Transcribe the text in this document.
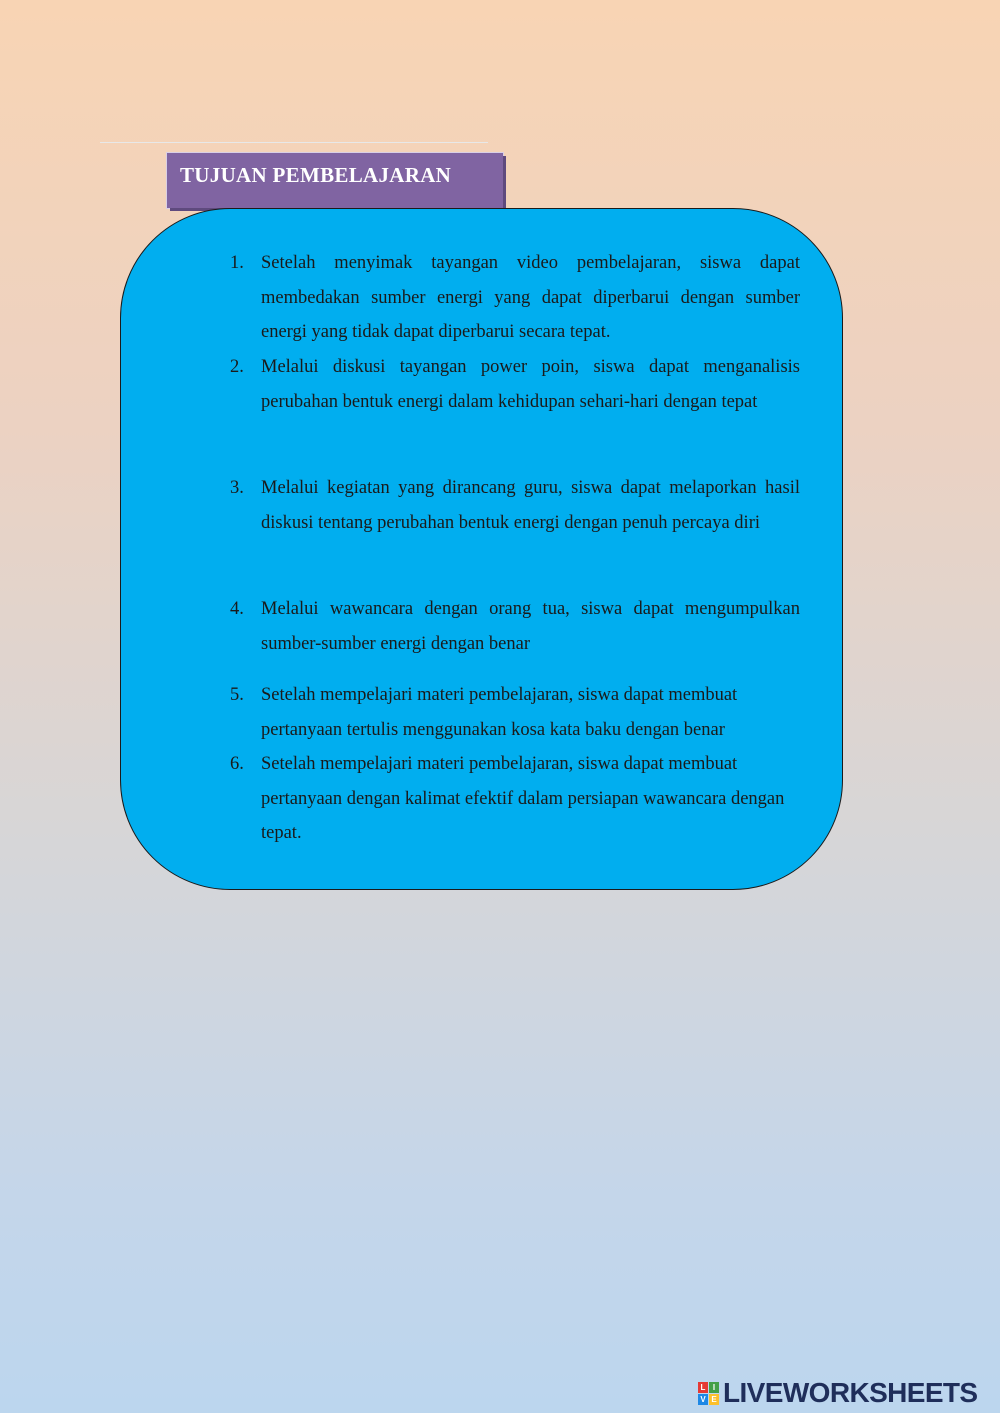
TUJUAN PEMBELAJARAN
1. Setelah menyimak tayangan video pembelajaran, siswa dapat membedakan sumber energi yang dapat diperbarui dengan sumber energi yang tidak dapat diperbarui secara tepat.
2. Melalui diskusi tayangan power poin, siswa dapat menganalisis perubahan bentuk energi dalam kehidupan sehari-hari dengan tepat
3. Melalui kegiatan yang dirancang guru, siswa dapat melaporkan hasil diskusi tentang perubahan bentuk energi dengan penuh percaya diri
4. Melalui wawancara dengan orang tua, siswa dapat mengumpulkan sumber-sumber energi dengan benar
5. Setelah mempelajari materi pembelajaran, siswa dapat membuat pertanyaan tertulis menggunakan kosa kata baku dengan benar
6. Setelah mempelajari materi pembelajaran, siswa dapat membuat pertanyaan dengan kalimat efektif dalam persiapan wawancara dengan tepat.
L I
V E LIVEWORKSHEETS
